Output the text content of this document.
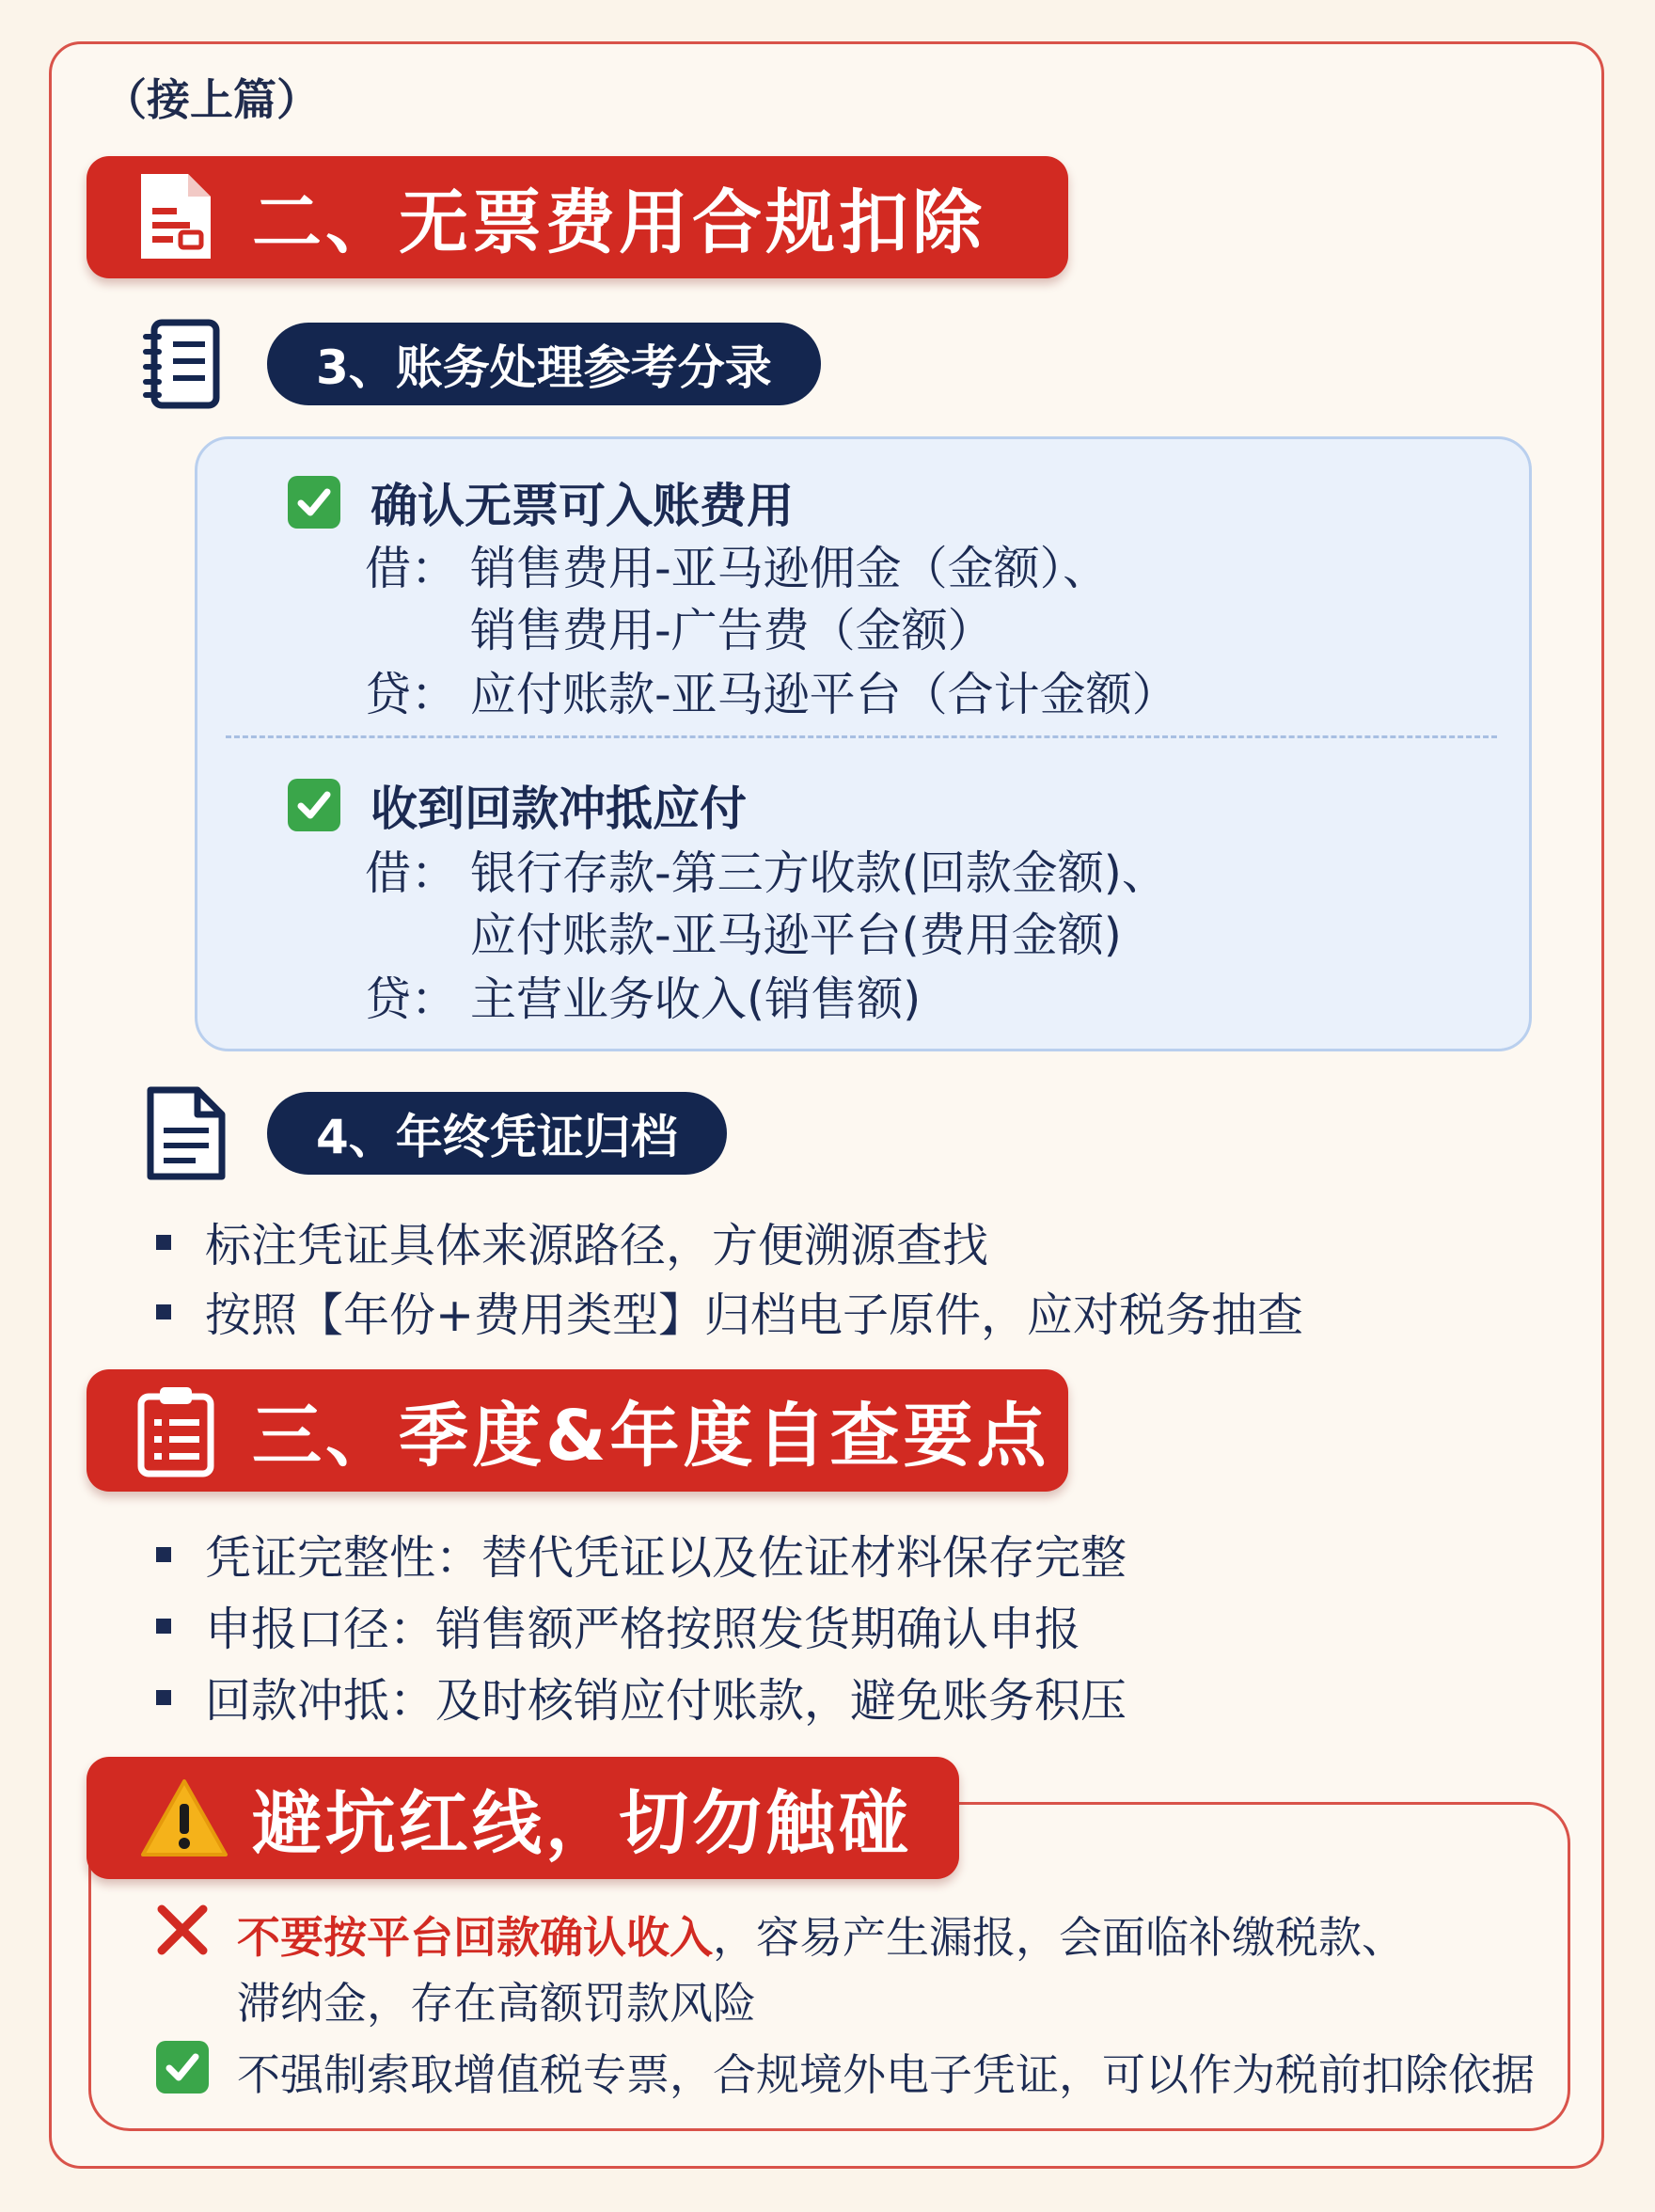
（接上篇）
二、无票费用合规扣除
3、账务处理参考分录
确认无票可入账费用
借： 销售费用-亚马逊佣金（金额）、
销售费用-广告费（金额）
贷： 应付账款-亚马逊平台（合计金额）
收到回款冲抵应付
借： 银行存款-第三方收款(回款金额)、
应付账款-亚马逊平台(费用金额)
贷： 主营业务收入(销售额)
4、年终凭证归档
标注凭证具体来源路径，方便溯源查找
按照【年份+费用类型】归档电子原件，应对税务抽查
三、季度&年度自查要点
凭证完整性：替代凭证以及佐证材料保存完整
申报口径：销售额严格按照发货期确认申报
回款冲抵：及时核销应付账款，避免账务积压
避坑红线，切勿触碰
不要按平台回款确认收入，容易产生漏报，会面临补缴税款、
滞纳金，存在高额罚款风险
不强制索取增值税专票，合规境外电子凭证，可以作为税前扣除依据
